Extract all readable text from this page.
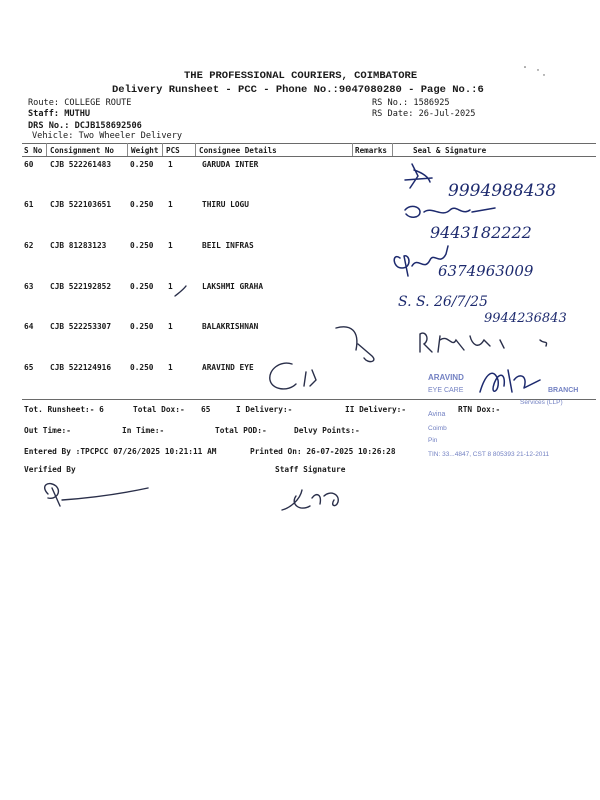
THE PROFESSIONAL COURIERS, COIMBATORE
Delivery Runsheet - PCC - Phone No.:9047080280 - Page No.:6
Route: COLLEGE ROUTE
Staff: MUTHU
DRS No.: DCJB158692506
Vehicle: Two Wheeler Delivery
RS No.: 1586925
RS Date: 26-Jul-2025
S No Consignment No Weight PCS	Consignee Details	Remarks	Seal & Signature
60 CJB 522261483 0.250 1	GARUDA INTER
61 CJB 522103651 0.250 1	THIRU LOGU
62 CJB 81283123	0.250 1	BEIL INFRAS
63 CJB 522192852 0.250 1	LAKSHMI GRAHA
64 CJB 522253307 0.250 1	BALAKRISHNAN
65 CJB 522124916 0.250 1	ARAVIND EYE
Tot. Runsheet:- 6	Total Dox:- 65	I Delivery:-	II Delivery:-	RTN Dox:-
Out Time:-	In Time:-	Total POD:-	Delvy Points:-
Entered By :TPCPCC 07/26/2025 10:21:11 AM	Printed On: 26-07-2025 10:26:28
Verified By	Staff Signature
9994988438
9443182222
6374963009
S. S. 26/7/25
9944236843
ARAVIND
EYE CARE	BRANCH
Services (LLP)
Avina
Coimb
Pin
TIN: 33...4847, CST 8 805393 21-12-2011
